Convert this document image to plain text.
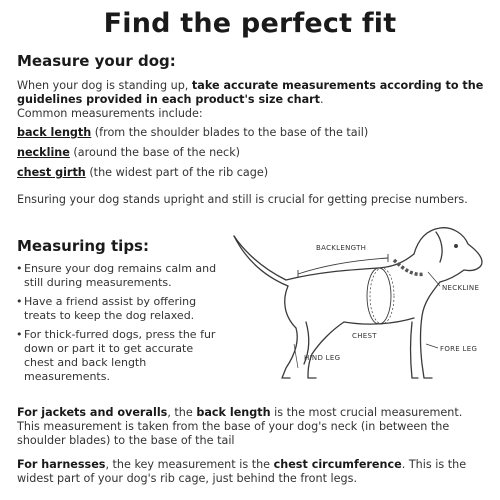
Find the perfect fit
Measure your dog:
When your dog is standing up, take accurate measurements according to the guidelines provided in each product's size chart.
Common measurements include:
back length (from the shoulder blades to the base of the tail)
neckline (around the base of the neck)
chest girth (the widest part of the rib cage)
Ensuring your dog stands upright and still is crucial for getting precise numbers.
Measuring tips:
• Ensure your dog remains calm and still during measurements.
• Have a friend assist by offering treats to keep the dog relaxed.
• For thick-furred dogs, press the fur down or part it to get accurate chest and back length measurements.
BACKLENGTH
NECKLINE
CHEST
HIND LEG
FORE LEG
For jackets and overalls, the back length is the most crucial measurement. This measurement is taken from the base of your dog's neck (in between the shoulder blades) to the base of the tail
For harnesses, the key measurement is the chest circumference. This is the widest part of your dog's rib cage, just behind the front legs.
